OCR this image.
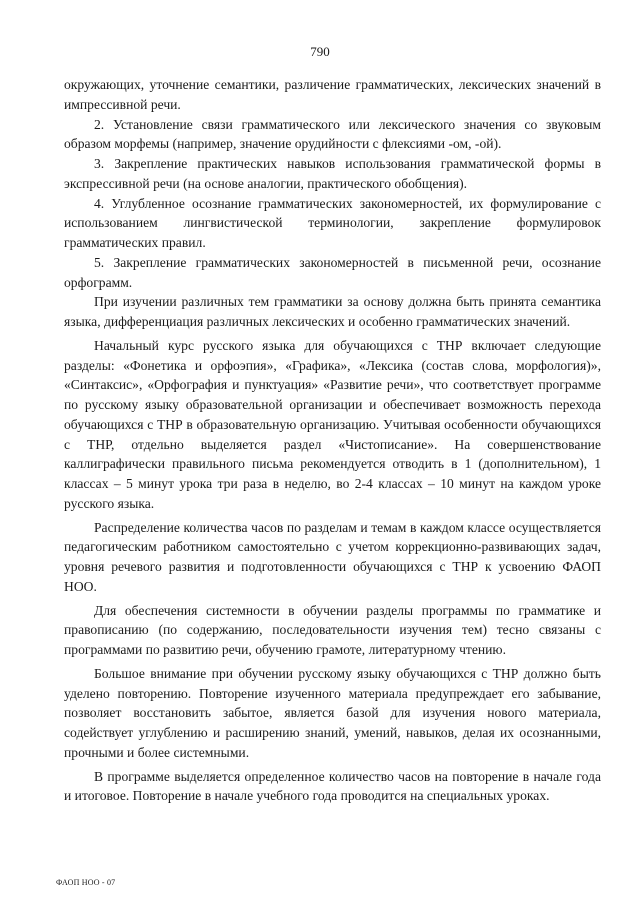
790

окружающих, уточнение семантики, различение грамматических, лексических значений в импрессивной речи.

2. Установление связи грамматического или лексического значения со звуковым образом морфемы (например, значение орудийности с флексиями -ом, -ой).

3. Закрепление практических навыков использования грамматической формы в экспрессивной речи (на основе аналогии, практического обобщения).

4. Углубленное осознание грамматических закономерностей, их формулирование с использованием лингвистической терминологии, закрепление формулировок грамматических правил.

5. Закрепление грамматических закономерностей в письменной речи, осознание орфограмм.

При изучении различных тем грамматики за основу должна быть принята семантика языка, дифференциация различных лексических и особенно грамматических значений.

Начальный курс русского языка для обучающихся с ТНР включает следующие разделы: «Фонетика и орфоэпия», «Графика», «Лексика (состав слова, морфология)», «Синтаксис», «Орфография и пунктуация» «Развитие речи», что соответствует программе по русскому языку образовательной организации и обеспечивает возможность перехода обучающихся с ТНР в образовательную организацию. Учитывая особенности обучающихся с ТНР, отдельно выделяется раздел «Чистописание». На совершенствование каллиграфически правильного письма рекомендуется отводить в 1 (дополнительном), 1 классах – 5 минут урока три раза в неделю, во 2-4 классах – 10 минут на каждом уроке русского языка.

Распределение количества часов по разделам и темам в каждом классе осуществляется педагогическим работником самостоятельно с учетом коррекционно-развивающих задач, уровня речевого развития и подготовленности обучающихся с ТНР к усвоению ФАОП НОО.

Для обеспечения системности в обучении разделы программы по грамматике и правописанию (по содержанию, последовательности изучения тем) тесно связаны с программами по развитию речи, обучению грамоте, литературному чтению.

Большое внимание при обучении русскому языку обучающихся с ТНР должно быть уделено повторению. Повторение изученного материала предупреждает его забывание, позволяет восстановить забытое, является базой для изучения нового материала, содействует углублению и расширению знаний, умений, навыков, делая их осознанными, прочными и более системными.

В программе выделяется определенное количество часов на повторение в начале года и итоговое. Повторение в начале учебного года проводится на специальных уроках.

ФАОП НОО - 07
